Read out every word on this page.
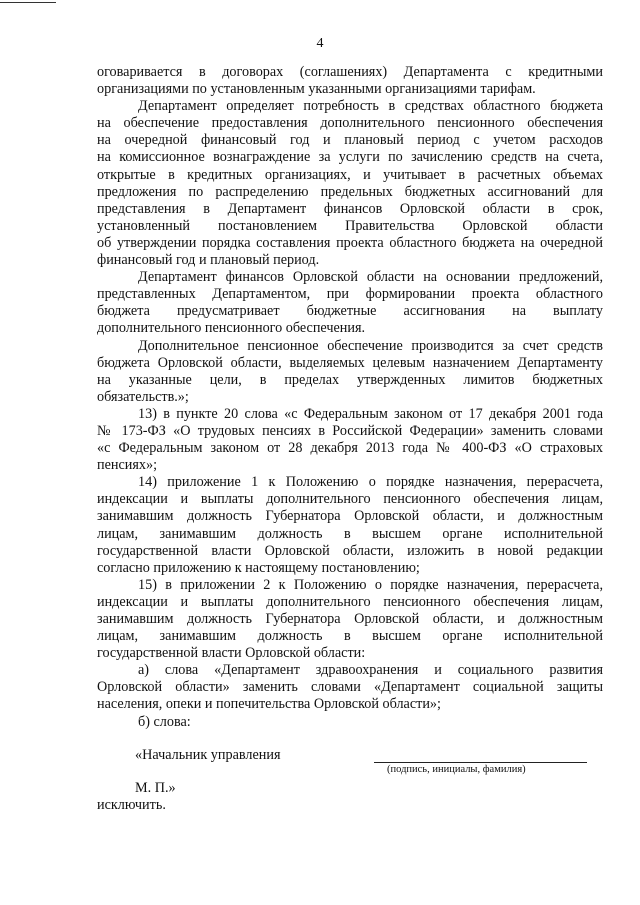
4
оговаривается в договорах (соглашениях) Департамента с кредитными
организациями по установленным указанными организациями тарифам.
Департамент определяет потребность в средствах областного бюджета
на обеспечение предоставления дополнительного пенсионного обеспечения
на очередной финансовый год и плановый период с учетом расходов
на комиссионное вознаграждение за услуги по зачислению средств на счета,
открытые в кредитных организациях, и учитывает в расчетных объемах
предложения по распределению предельных бюджетных ассигнований для
представления в Департамент финансов Орловской области в срок,
установленный постановлением Правительства Орловской области
об утверждении порядка составления проекта областного бюджета на очередной
финансовый год и плановый период.
Департамент финансов Орловской области на основании предложений,
представленных Департаментом, при формировании проекта областного
бюджета предусматривает бюджетные ассигнования на выплату
дополнительного пенсионного обеспечения.
Дополнительное пенсионное обеспечение производится за счет средств
бюджета Орловской области, выделяемых целевым назначением Департаменту
на указанные цели, в пределах утвержденных лимитов бюджетных
обязательств.»;
13) в пункте 20 слова «с Федеральным законом от 17 декабря 2001 года
№ 173-ФЗ «О трудовых пенсиях в Российской Федерации» заменить словами
«с Федеральным законом от 28 декабря 2013 года № 400-ФЗ «О страховых
пенсиях»;
14) приложение 1 к Положению о порядке назначения, перерасчета,
индексации и выплаты дополнительного пенсионного обеспечения лицам,
занимавшим должность Губернатора Орловской области, и должностным
лицам, занимавшим должность в высшем органе исполнительной
государственной власти Орловской области, изложить в новой редакции
согласно приложению к настоящему постановлению;
15) в приложении 2 к Положению о порядке назначения, перерасчета,
индексации и выплаты дополнительного пенсионного обеспечения лицам,
занимавшим должность Губернатора Орловской области, и должностным
лицам, занимавшим должность в высшем органе исполнительной
государственной власти Орловской области:
а) слова «Департамент здравоохранения и социального развития
Орловской области» заменить словами «Департамент социальной защиты
населения, опеки и попечительства Орловской области»;
б) слова:
«Начальник управления
(подпись, инициалы, фамилия)
М. П.»
исключить.
